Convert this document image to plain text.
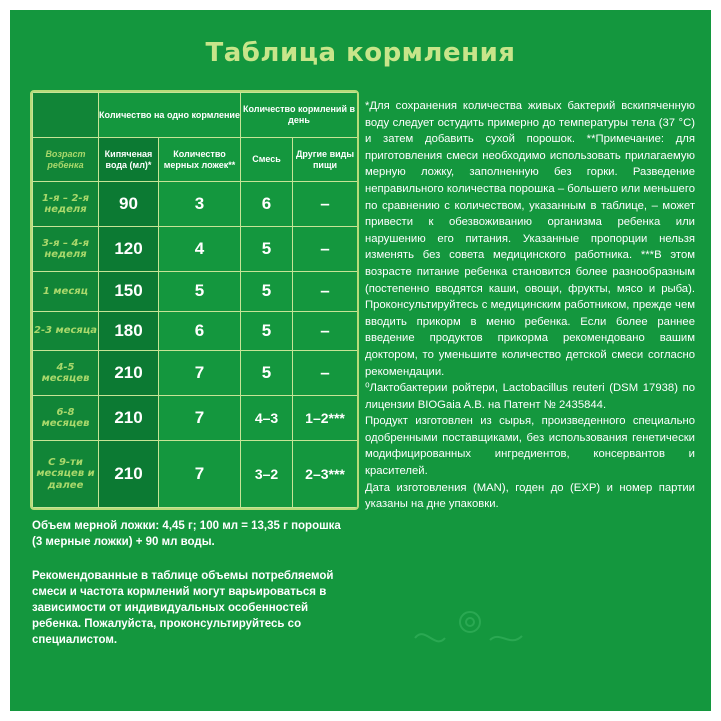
Таблица кормления
	Количество на одно кормление		Количество кормлений в день	
Возраст ребенка	Кипяченая вода (мл)*	Количество мерных ложек**	Смесь	Другие виды пищи
1-я – 2-я неделя	90	3	6	–
3-я – 4-я неделя	120	4	5	–
1 месяц	150	5	5	–
2-3 месяца	180	6	5	–
4-5 месяцев	210	7	5	–
6-8 месяцев	210	7	4–3	1–2***
С 9-ти месяцев и далее	210	7	3–2	2–3***
Объем мерной ложки: 4,45 г; 100 мл = 13,35 г порошка (3 мерные ложки) + 90 мл воды.
Рекомендованные в таблице объемы потребляемой смеси и частота кормлений могут варьироваться в зависимости от индивидуальных особенностей ребенка. Пожалуйста, проконсультируйтесь со специалистом.

*Для сохранения количества живых бактерий вскипяченную воду следует остудить примерно до температуры тела (37 °С) и затем добавить сухой порошок. **Примечание: для приготовления смеси необходимо использовать прилагаемую мерную ложку, заполненную без горки. Разведение неправильного количества порошка – большего или меньшего по сравнению с количеством, указанным в таблице, – может привести к обезвоживанию организма ребенка или нарушению его питания. Указанные пропорции нельзя изменять без совета медицинского работника. ***В этом возрасте питание ребенка становится более разнообразным (постепенно вводятся каши, овощи, фрукты, мясо и рыба). Проконсультируйтесь с медицинским работником, прежде чем вводить прикорм в меню ребенка. Если более раннее введение продуктов прикорма рекомендовано вашим доктором, то уменьшите количество детской смеси согласно рекомендации.

⁰Лактобактерии ройтери, Lactobacillus reuteri (DSM 17938) по лицензии BIOGaia A.B. на Патент № 2435844.

Продукт изготовлен из сырья, произведенного специально одобренными поставщиками, без использования генетически модифицированных ингредиентов, консервантов и красителей.

Дата изготовления (MAN), годен до (EXP) и номер партии указаны на дне упаковки.
